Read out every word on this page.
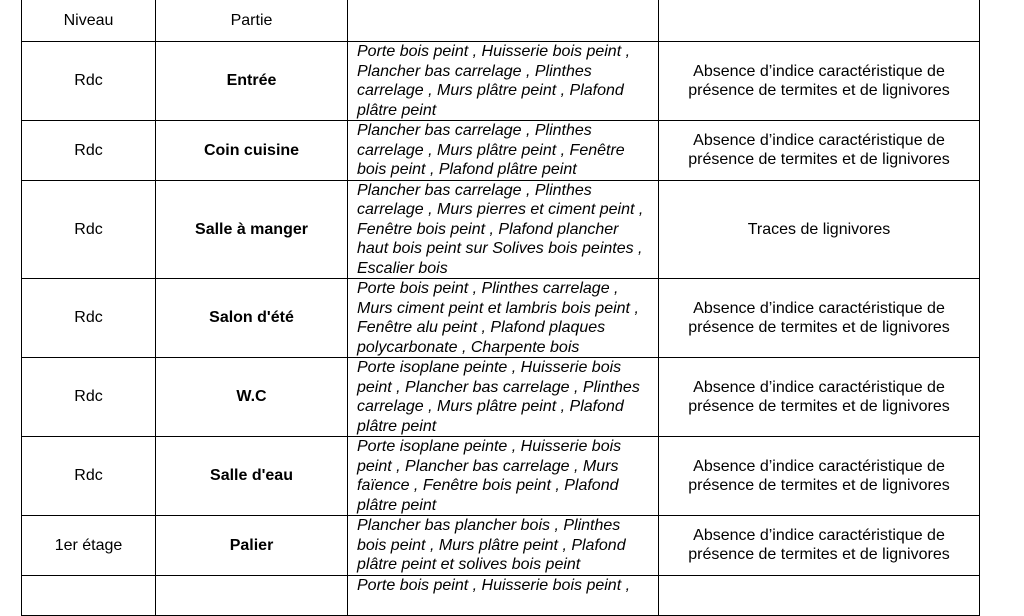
Niveau	Partie		
Rdc	Entrée	Porte bois peint , Huisserie bois peint , Plancher bas carrelage , Plinthes carrelage , Murs plâtre peint , Plafond plâtre peint	Absence d’indice caractéristique de présence de termites et de lignivores
Rdc	Coin cuisine	Plancher bas carrelage , Plinthes carrelage , Murs plâtre peint , Fenêtre bois peint , Plafond plâtre peint	Absence d’indice caractéristique de présence de termites et de lignivores
Rdc	Salle à manger	Plancher bas carrelage , Plinthes carrelage , Murs pierres et ciment peint , Fenêtre bois peint , Plafond plancher haut bois peint sur Solives bois peintes , Escalier bois	Traces de lignivores
Rdc	Salon d'été	Porte bois peint , Plinthes carrelage , Murs ciment peint et lambris bois peint , Fenêtre alu peint , Plafond plaques polycarbonate , Charpente bois	Absence d’indice caractéristique de présence de termites et de lignivores
Rdc	W.C	Porte isoplane peinte , Huisserie bois peint , Plancher bas carrelage , Plinthes carrelage , Murs plâtre peint , Plafond plâtre peint	Absence d’indice caractéristique de présence de termites et de lignivores
Rdc	Salle d'eau	Porte isoplane peinte , Huisserie bois peint , Plancher bas carrelage , Murs faïence , Fenêtre bois peint , Plafond plâtre peint	Absence d’indice caractéristique de présence de termites et de lignivores
1er étage	Palier	Plancher bas plancher bois , Plinthes bois peint , Murs plâtre peint , Plafond plâtre peint et solives bois peint	Absence d’indice caractéristique de présence de termites et de lignivores
		Porte bois peint , Huisserie bois peint ,	
